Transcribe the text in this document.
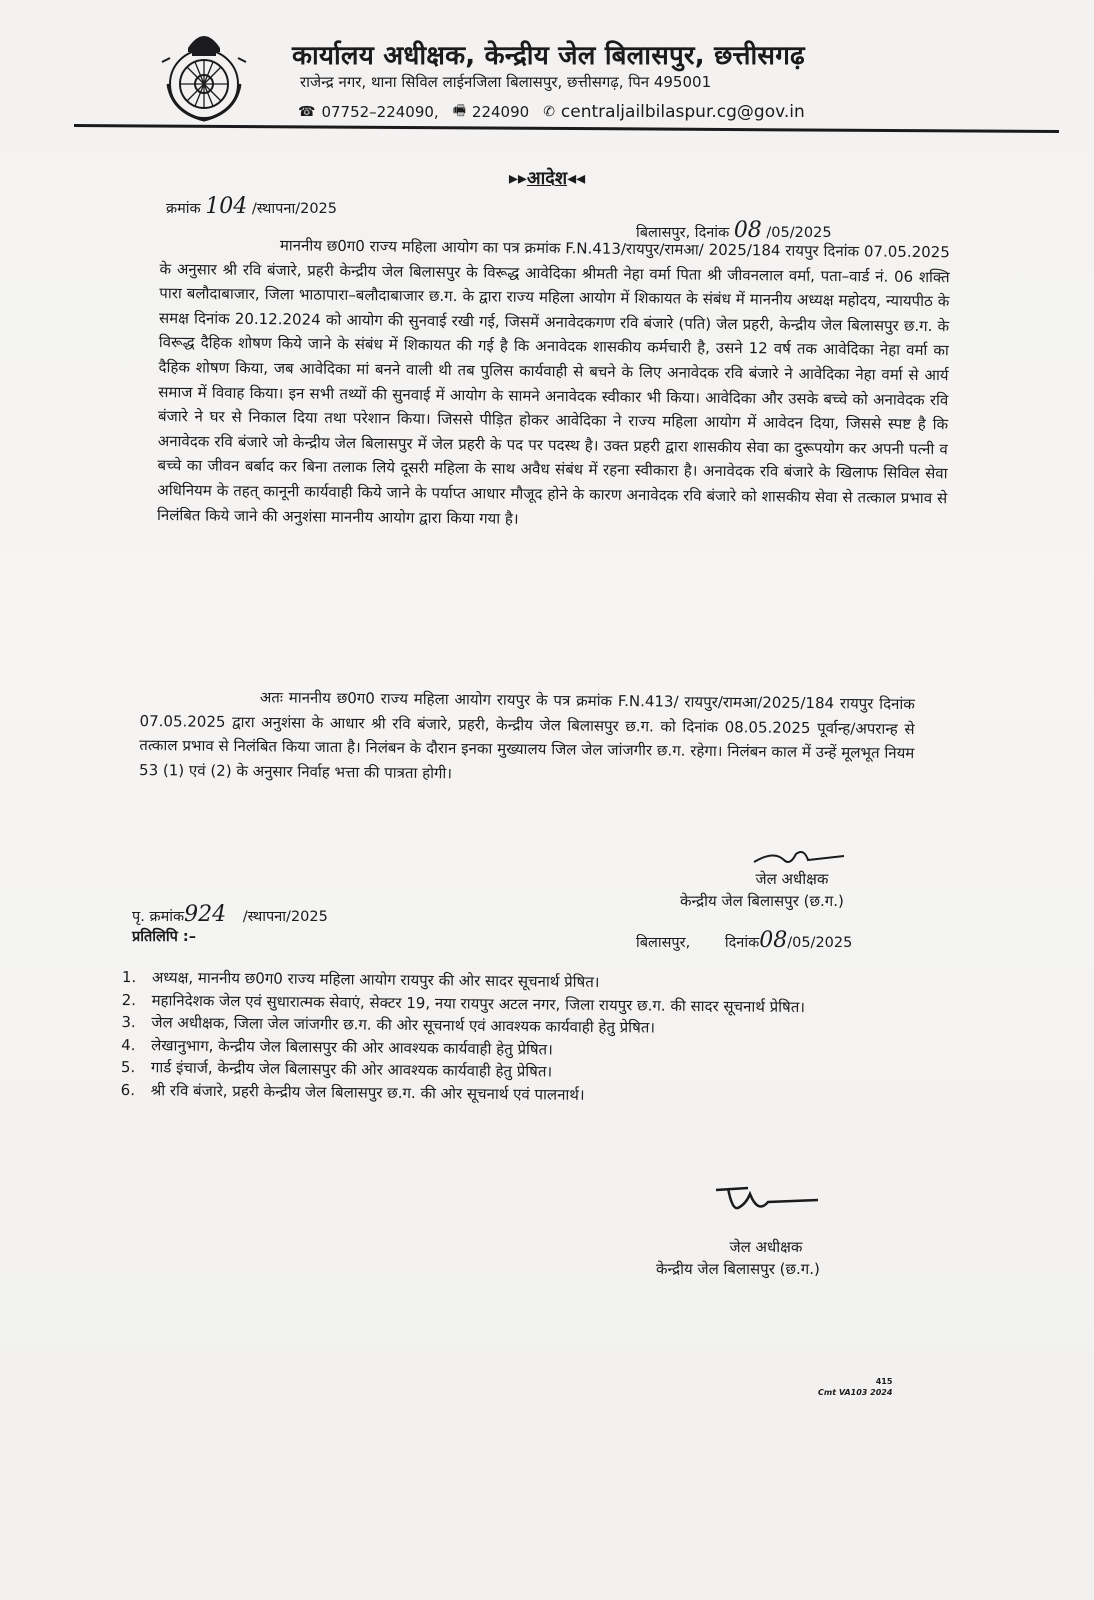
कार्यालय अधीक्षक, केन्द्रीय जेल बिलासपुर, छत्तीसगढ़
राजेन्द्र नगर, थाना सिविल लाईनजिला बिलासपुर, छत्तीसगढ़, पिन 495001
☎ 07752–224090, 🖷 224090 ✆ centraljailbilaspur.cg@gov.in
▸▸आदेश◂◂
क्रमांक 104 /स्थापना/2025
बिलासपुर, दिनांक 08 /05/2025

माननीय छ0ग0 राज्य महिला आयोग का पत्र क्रमांक F.N.413/रायपुर/रामआ/ 2025/184 रायपुर दिनांक 07.05.2025 के अनुसार श्री रवि बंजारे, प्रहरी केन्द्रीय जेल बिलासपुर के विरूद्ध आवेदिका श्रीमती नेहा वर्मा पिता श्री जीवनलाल वर्मा, पता–वार्ड नं. 06 शक्ति पारा बलौदाबाजार, जिला भाठापारा–बलौदाबाजार छ.ग. के द्वारा राज्य महिला आयोग में शिकायत के संबंध में माननीय अध्यक्ष महोदय, न्यायपीठ के समक्ष दिनांक 20.12.2024 को आयोग की सुनवाई रखी गई, जिसमें अनावेदकगण रवि बंजारे (पति) जेल प्रहरी, केन्द्रीय जेल बिलासपुर छ.ग. के विरूद्ध दैहिक शोषण किये जाने के संबंध में शिकायत की गई है कि अनावेदक शासकीय कर्मचारी है, उसने 12 वर्ष तक आवेदिका नेहा वर्मा का दैहिक शोषण किया, जब आवेदिका मां बनने वाली थी तब पुलिस कार्यवाही से बचने के लिए अनावेदक रवि बंजारे ने आवेदिका नेहा वर्मा से आर्य समाज में विवाह किया। इन सभी तथ्यों की सुनवाई में आयोग के सामने अनावेदक स्वीकार भी किया। आवेदिका और उसके बच्चे को अनावेदक रवि बंजारे ने घर से निकाल दिया तथा परेशान किया। जिससे पीड़ित होकर आवेदिका ने राज्य महिला आयोग में आवेदन दिया, जिससे स्पष्ट है कि अनावेदक रवि बंजारे जो केन्द्रीय जेल बिलासपुर में जेल प्रहरी के पद पर पदस्थ है। उक्त प्रहरी द्वारा शासकीय सेवा का दुरूपयोग कर अपनी पत्नी व बच्चे का जीवन बर्बाद कर बिना तलाक लिये दूसरी महिला के साथ अवैध संबंध में रहना स्वीकारा है। अनावेदक रवि बंजारे के खिलाफ सिविल सेवा अधिनियम के तहत् कानूनी कार्यवाही किये जाने के पर्याप्त आधार मौजूद होने के कारण अनावेदक रवि बंजारे को शासकीय सेवा से तत्काल प्रभाव से निलंबित किये जाने की अनुशंसा माननीय आयोग द्वारा किया गया है।

अतः माननीय छ0ग0 राज्य महिला आयोग रायपुर के पत्र क्रमांक F.N.413/ रायपुर/रामआ/2025/184 रायपुर दिनांक 07.05.2025 द्वारा अनुशंसा के आधार श्री रवि बंजारे, प्रहरी, केन्द्रीय जेल बिलासपुर छ.ग. को दिनांक 08.05.2025 पूर्वान्ह/अपरान्ह से तत्काल प्रभाव से निलंबित किया जाता है। निलंबन के दौरान इनका मुख्यालय जिल जेल जांजगीर छ.ग. रहेगा। निलंबन काल में उन्हें मूलभूत नियम 53 (1) एवं (2) के अनुसार निर्वाह भत्ता की पात्रता होगी।

जेल अधीक्षक
केन्द्रीय जेल बिलासपुर (छ.ग.)
पृ. क्रमांक924 /स्थापना/2025
प्रतिलिपि :–	बिलासपुर, दिनांक08/05/2025
1.	अध्यक्ष, माननीय छ0ग0 राज्य महिला आयोग रायपुर की ओर सादर सूचनार्थ प्रेषित।
2.	महानिदेशक जेल एवं सुधारात्मक सेवाएं, सेक्टर 19, नया रायपुर अटल नगर, जिला रायपुर छ.ग. की सादर सूचनार्थ प्रेषित।
3.	जेल अधीक्षक, जिला जेल जांजगीर छ.ग. की ओर सूचनार्थ एवं आवश्यक कार्यवाही हेतु प्रेषित।
4.	लेखानुभाग, केन्द्रीय जेल बिलासपुर की ओर आवश्यक कार्यवाही हेतु प्रेषित।
5.	गार्ड इंचार्ज, केन्द्रीय जेल बिलासपुर की ओर आवश्यक कार्यवाही हेतु प्रेषित।
6.	श्री रवि बंजारे, प्रहरी केन्द्रीय जेल बिलासपुर छ.ग. की ओर सूचनार्थ एवं पालनार्थ।
जेल अधीक्षक
केन्द्रीय जेल बिलासपुर (छ.ग.)
415
Cmt VA103 2024
